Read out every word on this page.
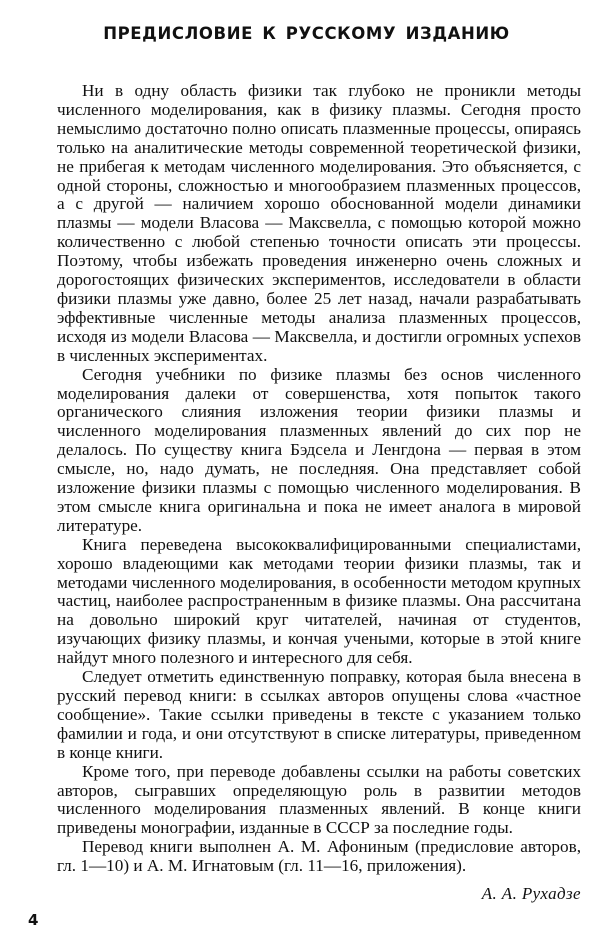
ПРЕДИСЛОВИЕ К РУССКОМУ ИЗДАНИЮ

Ни в одну область физики так глубоко не проникли методы численного моделирования, как в физику плазмы. Сегодня просто немыслимо достаточно полно описать плазменные процессы, опираясь только на аналитические методы современной теоретической физики, не прибегая к методам численного моделирования. Это объясняется, с одной стороны, сложностью и многообразием плазменных процессов, а с другой — наличием хорошо обоснованной модели динамики плазмы — модели Власова — Максвелла, с помощью которой можно количественно с любой степенью точности описать эти процессы. Поэтому, чтобы избежать проведения инженерно очень сложных и дорогостоящих физических экспериментов, исследователи в области физики плазмы уже давно, более 25 лет назад, начали разрабатывать эффективные численные методы анализа плазменных процессов, исходя из модели Власова — Максвелла, и достигли огромных успехов в численных экспериментах.

Сегодня учебники по физике плазмы без основ численного моделирования далеки от совершенства, хотя попыток такого органического слияния изложения теории физики плазмы и численного моделирования плазменных явлений до сих пор не делалось. По существу книга Бэдсела и Ленгдона — первая в этом смысле, но, надо думать, не последняя. Она представляет собой изложение физики плазмы с помощью численного моделирования. В этом смысле книга оригинальна и пока не имеет аналога в мировой литературе.

Книга переведена высококвалифицированными специалистами, хорошо владеющими как методами теории физики плазмы, так и методами численного моделирования, в особенности методом крупных частиц, наиболее распространенным в физике плазмы. Она рассчитана на довольно широкий круг читателей, начиная от студентов, изучающих физику плазмы, и кончая учеными, которые в этой книге найдут много полезного и интересного для себя.

Следует отметить единственную поправку, которая была внесена в русский перевод книги: в ссылках авторов опущены слова «частное сообщение». Такие ссылки приведены в тексте с указанием только фамилии и года, и они отсутствуют в списке литературы, приведенном в конце книги.

Кроме того, при переводе добавлены ссылки на работы советских авторов, сыгравших определяющую роль в развитии методов численного моделирования плазменных явлений. В конце книги приведены монографии, изданные в СССР за последние годы.

Перевод книги выполнен А. М. Афониным (предисловие авторов, гл. 1—10) и А. М. Игнатовым (гл. 11—16, приложения).

А. А. Рухадзе

4
